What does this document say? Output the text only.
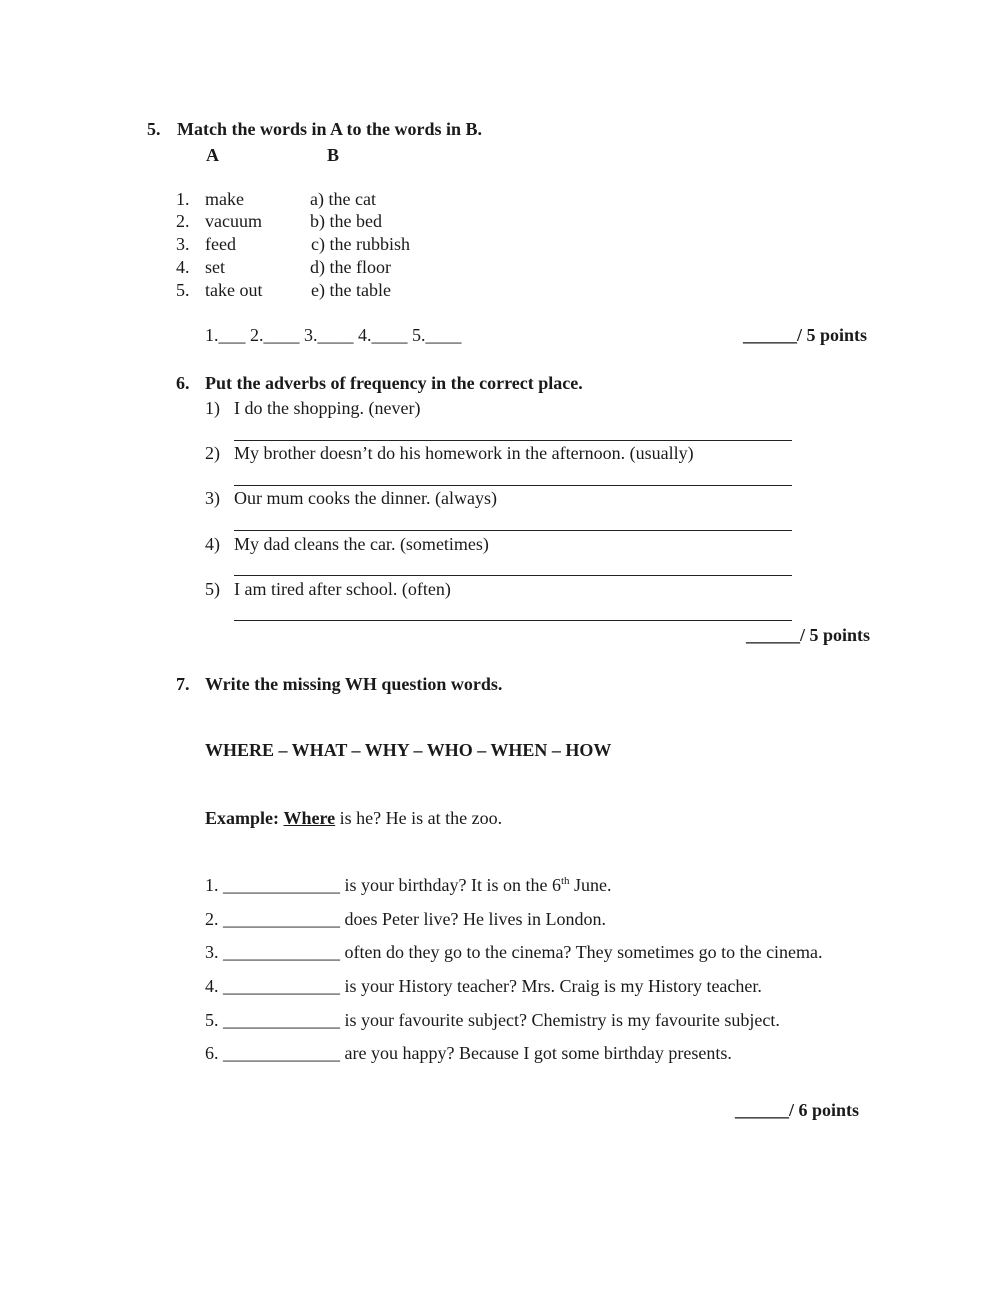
5. Match the words in A to the words in B.
A	B
1. make	a) the cat
2. vacuum	b) the bed
3. feed	c) the rubbish
4. set	d) the floor
5. take out	e) the table
1.___ 2.____ 3.____ 4.____ 5.____	______/ 5 points
6. Put the adverbs of frequency in the correct place.
1) I do the shopping. (never)
2) My brother doesn’t do his homework in the afternoon. (usually)
3) Our mum cooks the dinner. (always)
4) My dad cleans the car. (sometimes)
5) I am tired after school. (often)
______/ 5 points
7. Write the missing WH question words.
WHERE – WHAT – WHY – WHO – WHEN – HOW
Example: Where is he? He is at the zoo.
1. _____________ is your birthday? It is on the 6th June.
2. _____________ does Peter live? He lives in London.
3. _____________ often do they go to the cinema? They sometimes go to the cinema.
4. _____________ is your History teacher? Mrs. Craig is my History teacher.
5. _____________ is your favourite subject? Chemistry is my favourite subject.
6. _____________ are you happy? Because I got some birthday presents.
______/ 6 points
